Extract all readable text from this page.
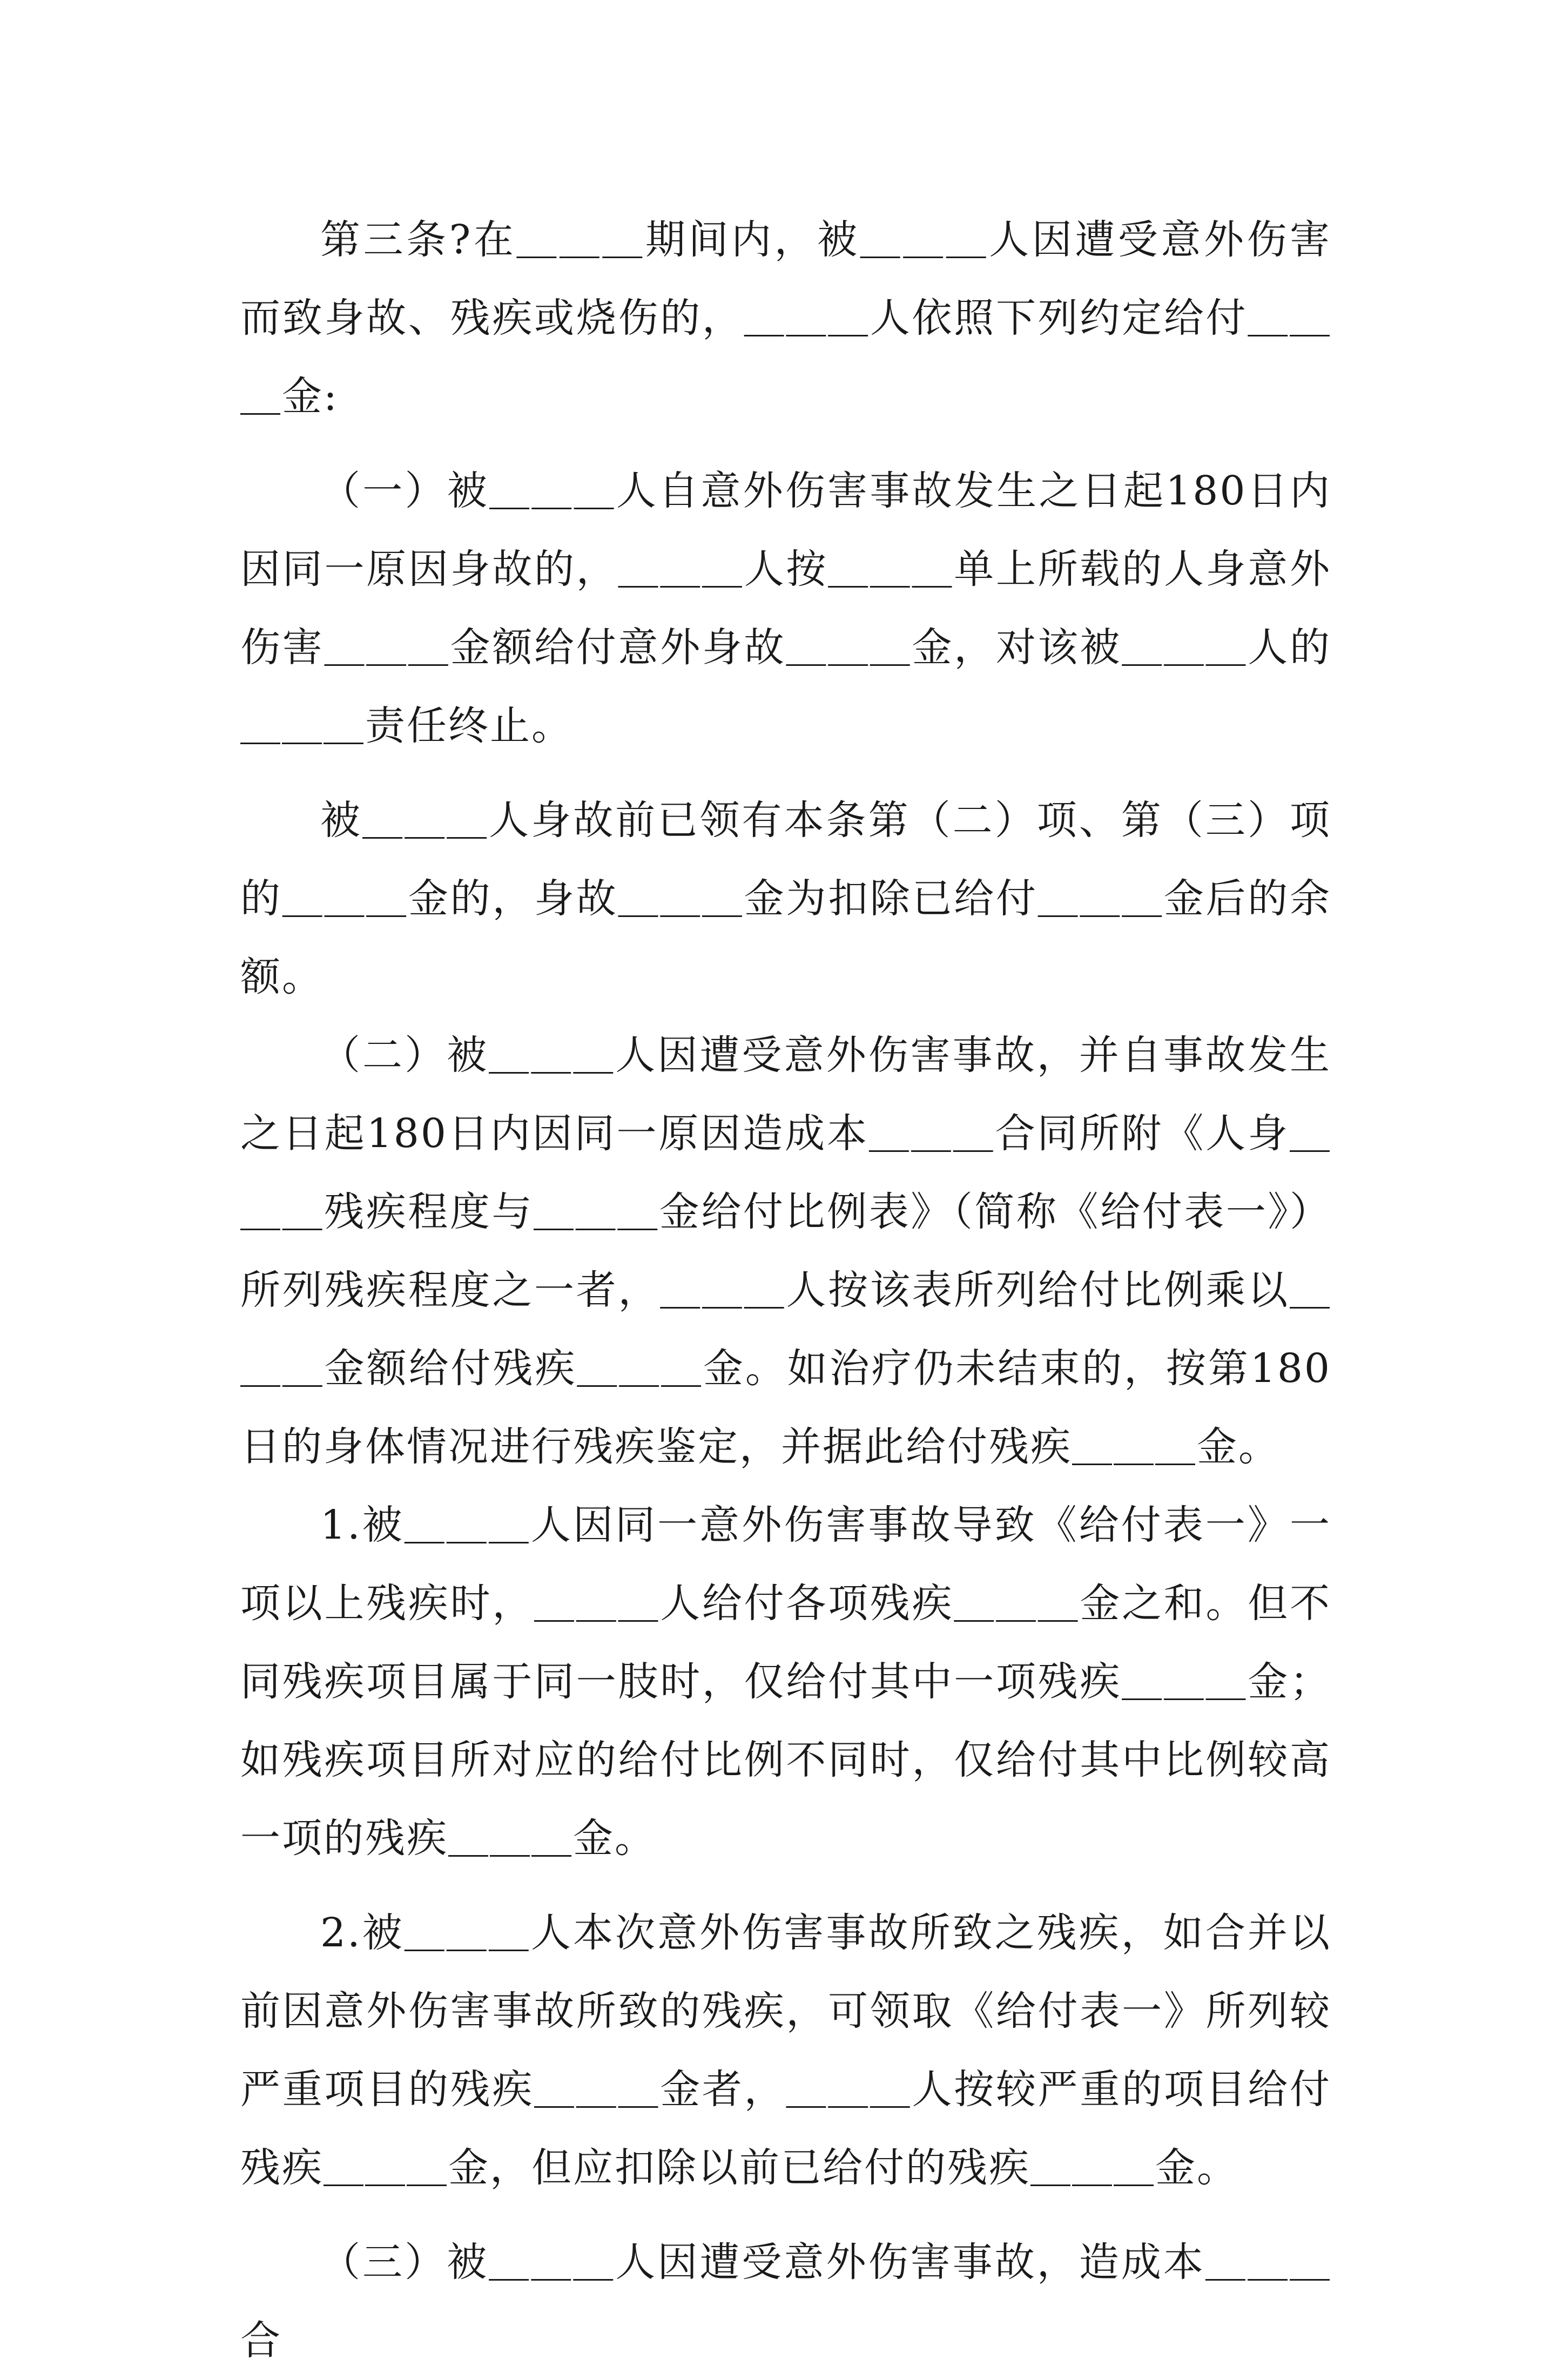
第三条?在＿＿＿期间内，被＿＿＿人因遭受意外伤害而致身故、残疾或烧伤的，＿＿＿人依照下列约定给付＿＿＿金:

（一）被＿＿＿人自意外伤害事故发生之日起180日内因同一原因身故的，＿＿＿人按＿＿＿单上所载的人身意外伤害＿＿＿金额给付意外身故＿＿＿金，对该被＿＿＿人的＿＿＿责任终止。

被＿＿＿人身故前已领有本条第（二）项、第（三）项的＿＿＿金的，身故＿＿＿金为扣除已给付＿＿＿金后的余额。

（二）被＿＿＿人因遭受意外伤害事故，并自事故发生之日起180日内因同一原因造成本＿＿＿合同所附《人身＿＿＿残疾程度与＿＿＿金给付比例表》（简称《给付表一》）所列残疾程度之一者，＿＿＿人按该表所列给付比例乘以＿＿＿金额给付残疾＿＿＿金。如治疗仍未结束的，按第180日的身体情况进行残疾鉴定，并据此给付残疾＿＿＿金。

1.被＿＿＿人因同一意外伤害事故导致《给付表一》一项以上残疾时，＿＿＿人给付各项残疾＿＿＿金之和。但不同残疾项目属于同一肢时，仅给付其中一项残疾＿＿＿金；如残疾项目所对应的给付比例不同时，仅给付其中比例较高一项的残疾＿＿＿金。

2.被＿＿＿人本次意外伤害事故所致之残疾，如合并以前因意外伤害事故所致的残疾，可领取《给付表一》所列较严重项目的残疾＿＿＿金者，＿＿＿人按较严重的项目给付残疾＿＿＿金，但应扣除以前已给付的残疾＿＿＿金。

（三）被＿＿＿人因遭受意外伤害事故，造成本＿＿＿合
